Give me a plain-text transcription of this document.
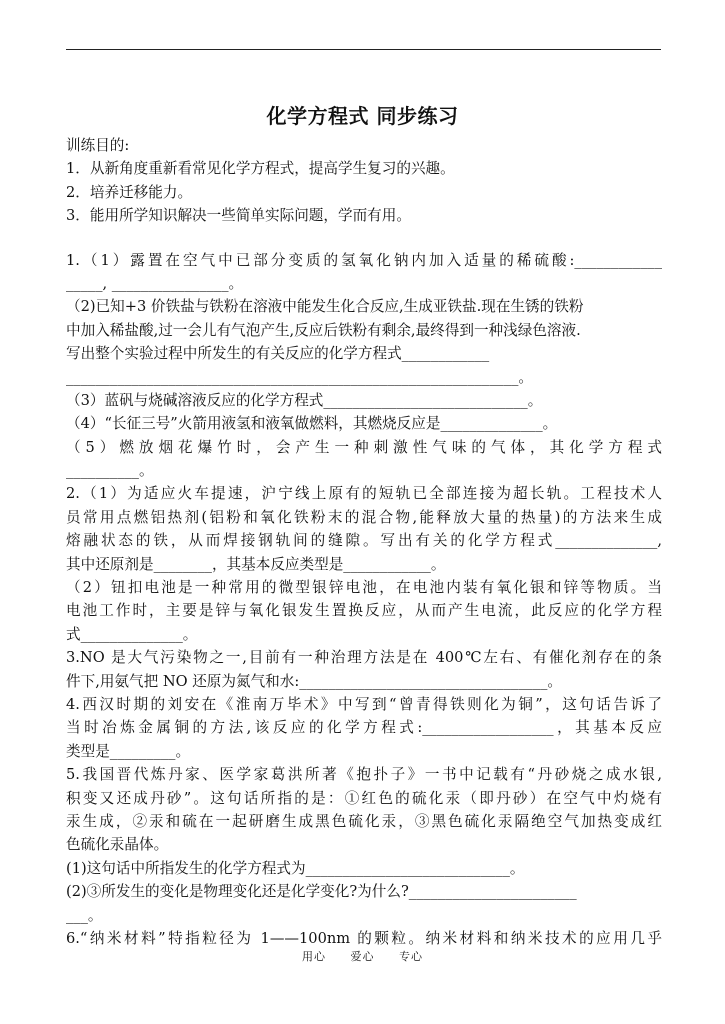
化学方程式 同步练习
训练目的:
1．从新角度重新看常见化学方程式，提高学生复习的兴趣。
2．培养迁移能力。
3．能用所学知识解决一些简单实际问题，学而有用。
1.（1）露置在空气中已部分变质的氢氧化钠内加入适量的稀硫酸:____________
_____, ________________。
（2)已知+3 价铁盐与铁粉在溶液中能发生化合反应,生成亚铁盐.现在生锈的铁粉
中加入稀盐酸,过一会儿有气泡产生,反应后铁粉有剩余,最终得到一种浅绿色溶液.
写出整个实验过程中所发生的有关反应的化学方程式____________
______________________________________________________________。
（3）蓝矾与烧碱溶液反应的化学方程式____________________________。
（4）“长征三号”火箭用液氢和液氧做燃料，其燃烧反应是______________。
（5）燃放烟花爆竹时，会产生一种刺激性气味的气体，其化学方程式
__________。
2.（1）为适应火车提速，沪宁线上原有的短轨已全部连接为超长轨。工程技术人
员常用点燃铝热剂(铝粉和氧化铁粉末的混合物,能释放大量的热量)的方法来生成
熔融状态的铁，从而焊接钢轨间的缝隙。写出有关的化学方程式______________,
其中还原剂是________，其基本反应类型是____________。
（2）钮扣电池是一种常用的微型银锌电池，在电池内装有氧化银和锌等物质。当
电池工作时，主要是锌与氧化银发生置换反应，从而产生电流，此反应的化学方程
式______________。
3.NO 是大气污染物之一,目前有一种治理方法是在 400℃左右、有催化剂存在的条
件下,用氨气把 NO 还原为氮气和水:__________________________________。
4.西汉时期的刘安在《淮南万毕术》中写到“曾青得铁则化为铜”，这句话告诉了
当时冶炼金属铜的方法,该反应的化学方程式:__________________，其基本反应
类型是_________。
5.我国晋代炼丹家、医学家葛洪所著《抱扑子》一书中记载有“丹砂烧之成水银,
积变又还成丹砂”。这句话所指的是：①红色的硫化汞（即丹砂）在空气中灼烧有
汞生成，②汞和硫在一起研磨生成黑色硫化汞，③黑色硫化汞隔绝空气加热变成红
色硫化汞晶体。
(1)这句话中所指发生的化学方程式为____________________________。
(2)③所发生的变化是物理变化还是化学变化?为什么?_______________________
___。
6.“纳米材料”特指粒径为 1——100nm 的颗粒。纳米材料和纳米技术的应用几乎
用心 爱心 专心
